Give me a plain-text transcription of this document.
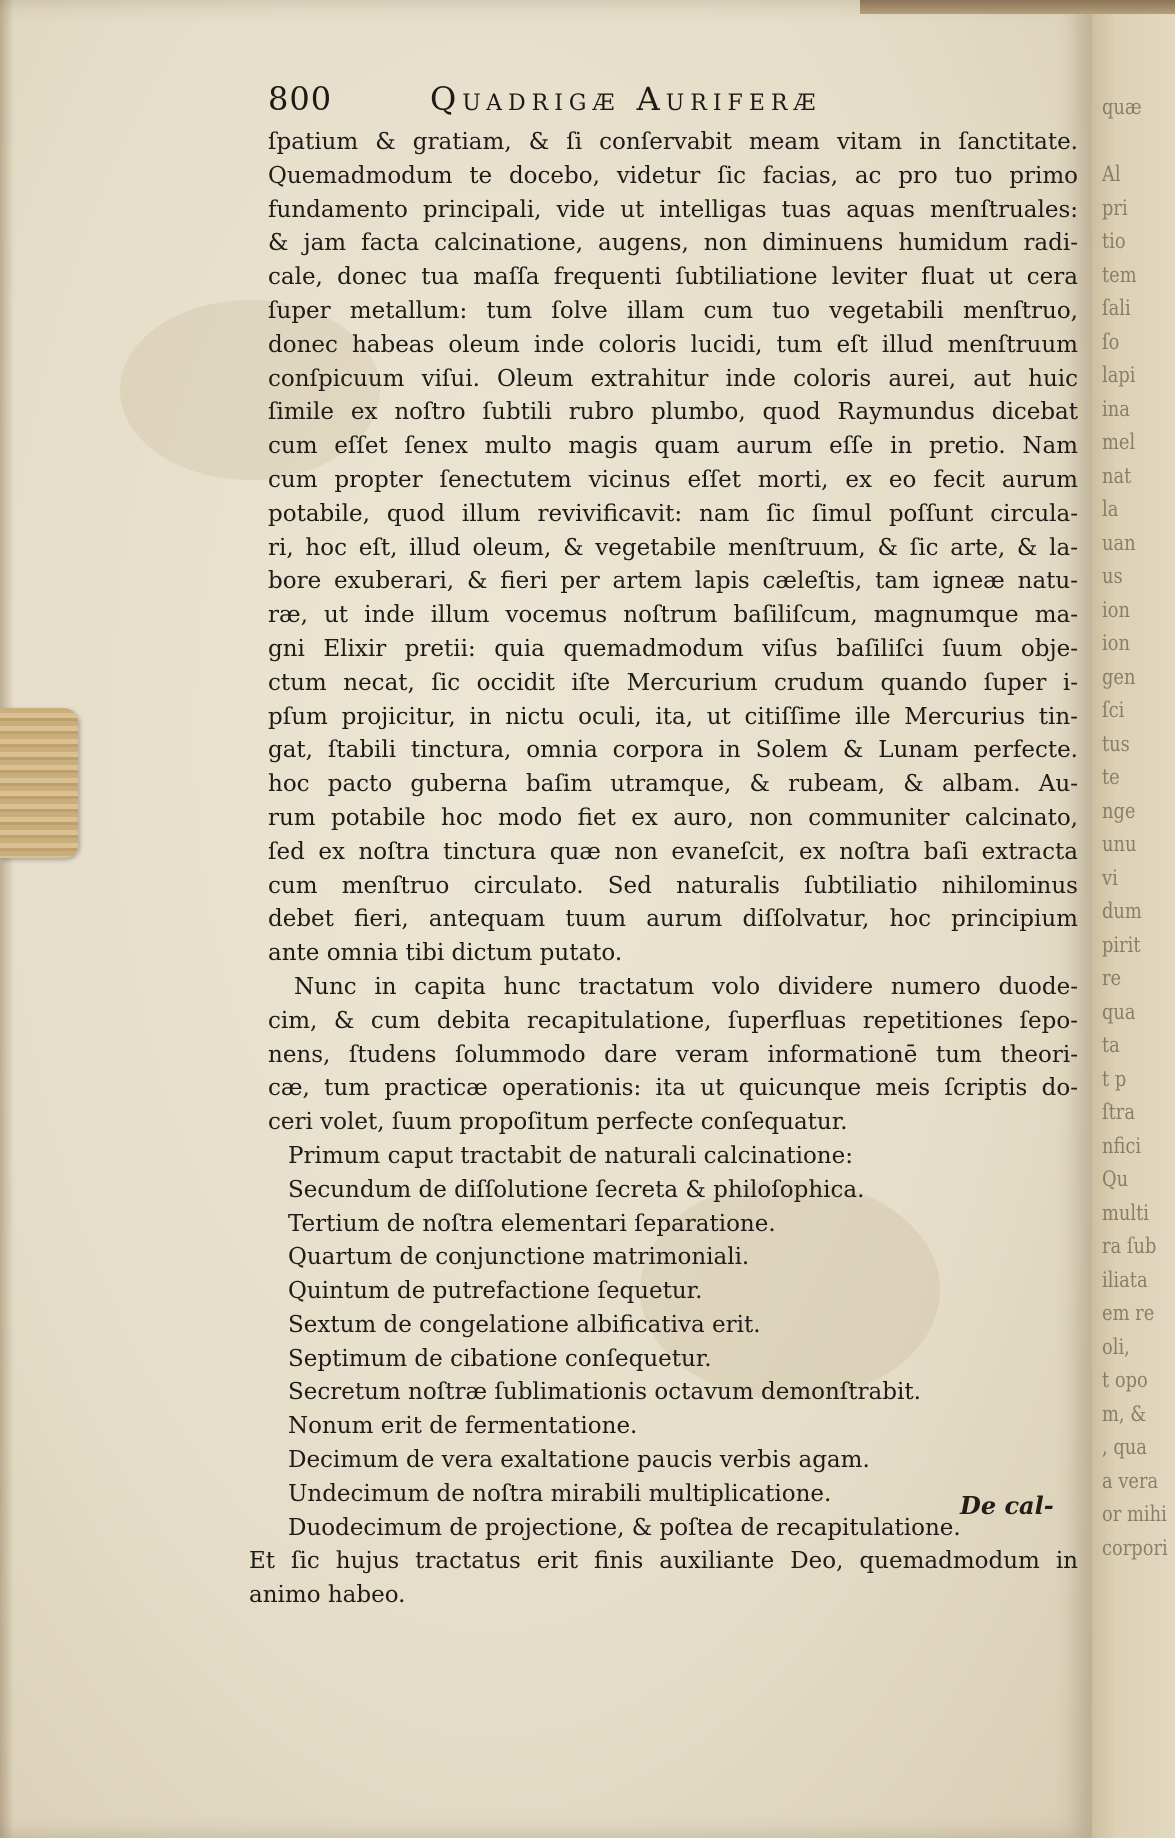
800	Quadrigæ Auriferæ
ſpatium & gratiam, & ſi conſervabit meam vitam in ſanctitate.
Quemadmodum te docebo, videtur ſic facias, ac pro tuo primo
fundamento principali, vide ut intelligas tuas aquas menſtruales:
& jam facta calcinatione, augens, non diminuens humidum radi-
cale, donec tua maſſa frequenti ſubtiliatione leviter fluat ut cera
ſuper metallum: tum ſolve illam cum tuo vegetabili menſtruo,
donec habeas oleum inde coloris lucidi, tum eſt illud menſtruum
conſpicuum viſui. Oleum extrahitur inde coloris aurei, aut huic
ſimile ex noſtro ſubtili rubro plumbo, quod Raymundus dicebat
cum eſſet ſenex multo magis quam aurum eſſe in pretio. Nam
cum propter ſenectutem vicinus eſſet morti, ex eo fecit aurum
potabile, quod illum revivificavit: nam ſic ſimul poſſunt circula-
ri, hoc eſt, illud oleum, & vegetabile menſtruum, & ſic arte, & la-
bore exuberari, & fieri per artem lapis cæleſtis, tam igneæ natu-
ræ, ut inde illum vocemus noſtrum baſiliſcum, magnumque ma-
gni Elixir pretii: quia quemadmodum viſus baſiliſci ſuum obje-
ctum necat, ſic occidit iſte Mercurium crudum quando ſuper i-
pſum projicitur, in nictu oculi, ita, ut citiſſime ille Mercurius tin-
gat, ſtabili tinctura, omnia corpora in Solem & Lunam perfecte.
hoc pacto guberna baſim utramque, & rubeam, & albam. Au-
rum potabile hoc modo fiet ex auro, non communiter calcinato,
ſed ex noſtra tinctura quæ non evaneſcit, ex noſtra baſi extracta
cum menſtruo circulato. Sed naturalis ſubtiliatio nihilominus
debet fieri, antequam tuum aurum diſſolvatur, hoc principium
ante omnia tibi dictum putato.
Nunc in capita hunc tractatum volo dividere numero duode-
cim, & cum debita recapitulatione, ſuperfluas repetitiones ſepo-
nens, ſtudens ſolummodo dare veram informationē tum theori-
cæ, tum practicæ operationis: ita ut quicunque meis ſcriptis do-
ceri volet, ſuum propoſitum perfecte conſequatur.
Primum caput tractabit de naturali calcinatione:
Secundum de diſſolutione ſecreta & philoſophica.
Tertium de noſtra elementari ſeparatione.
Quartum de conjunctione matrimoniali.
Quintum de putrefactione ſequetur.
Sextum de congelatione albificativa erit.
Septimum de cibatione conſequetur.
Secretum noſtræ ſublimationis octavum demonſtrabit.
Nonum erit de fermentatione.
Decimum de vera exaltatione paucis verbis agam.
Undecimum de noſtra mirabili multiplicatione.
Duodecimum de projectione, & poſtea de recapitulatione.
Et ſic hujus tractatus erit finis auxiliante Deo, quemadmodum in
animo habeo.
De cal-
quæ
Al
pri
tio
tem
ſali
ſo
lapi
ina
mel
nat
la
uan
us
ion
ion
gen
ſci
tus
te
nge
unu
vi
dum
pirit
re
qua
ta
t p
ſtra
nfici
Qu
multi
ra ſub
iliata
em re
oli,
t opo
m, &
, qua
a vera
or mihi
corpori
